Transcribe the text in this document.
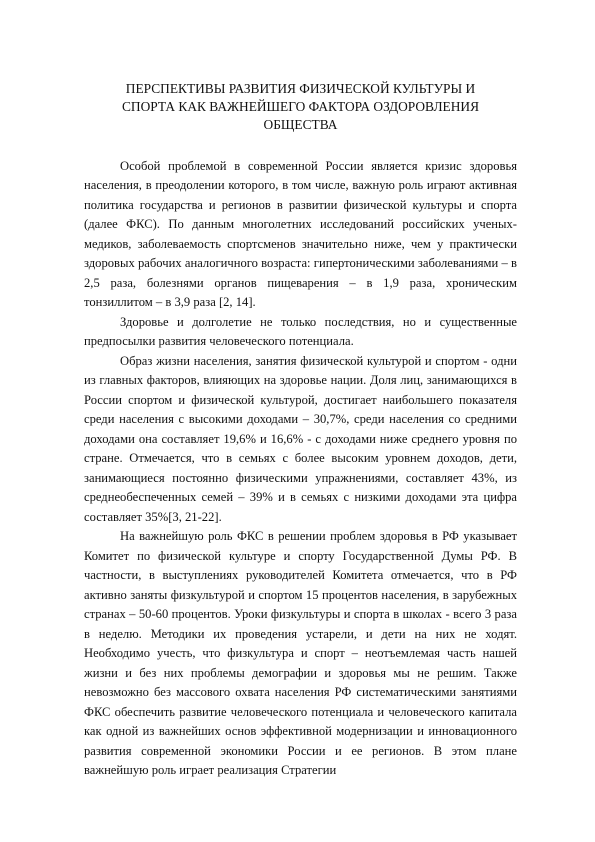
ПЕРСПЕКТИВЫ РАЗВИТИЯ ФИЗИЧЕСКОЙ КУЛЬТУРЫ И
СПОРТА КАК ВАЖНЕЙШЕГО ФАКТОРА ОЗДОРОВЛЕНИЯ
ОБЩЕСТВА

Особой проблемой в современной России является кризис здоровья населения, в преодолении которого, в том числе, важную роль играют активная политика государства и регионов в развитии физической культуры и спорта (далее ФКС). По данным многолетних исследований российских ученых-медиков, заболеваемость спортсменов значительно ниже, чем у практически здоровых рабочих аналогичного возраста: гипертоническими заболеваниями – в 2,5 раза, болезнями органов пищеварения – в 1,9 раза, хроническим тонзиллитом – в 3,9 раза [2, 14].

Здоровье и долголетие не только последствия, но и существенные предпосылки развития человеческого потенциала.

Образ жизни населения, занятия физической культурой и спортом - одни из главных факторов, влияющих на здоровье нации. Доля лиц, занимающихся в России спортом и физической культурой, достигает наибольшего показателя среди населения с высокими доходами – 30,7%, среди населения со средними доходами она составляет 19,6% и 16,6% - с доходами ниже среднего уровня по стране. Отмечается, что в семьях с более высоким уровнем доходов, дети, занимающиеся постоянно физическими упражнениями, составляет 43%, из среднеобеспеченных семей – 39% и в семьях с низкими доходами эта цифра составляет 35%[3, 21-22].

На важнейшую роль ФКС в решении проблем здоровья в РФ указывает Комитет по физической культуре и спорту Государственной Думы РФ. В частности, в выступлениях руководителей Комитета отмечается, что в РФ активно заняты физкультурой и спортом 15 процентов населения, в зарубежных странах – 50-60 процентов. Уроки физкультуры и спорта в школах - всего 3 раза в неделю. Методики их проведения устарели, и дети на них не ходят. Необходимо учесть, что физкультура и спорт – неотъемлемая часть нашей жизни и без них проблемы демографии и здоровья мы не решим. Также невозможно без массового охвата населения РФ систематическими занятиями ФКС обеспечить развитие человеческого потенциала и человеческого капитала как одной из важнейших основ эффективной модернизации и инновационного развития современной экономики России и ее регионов. В этом плане важнейшую роль играет реализация Стратегии
